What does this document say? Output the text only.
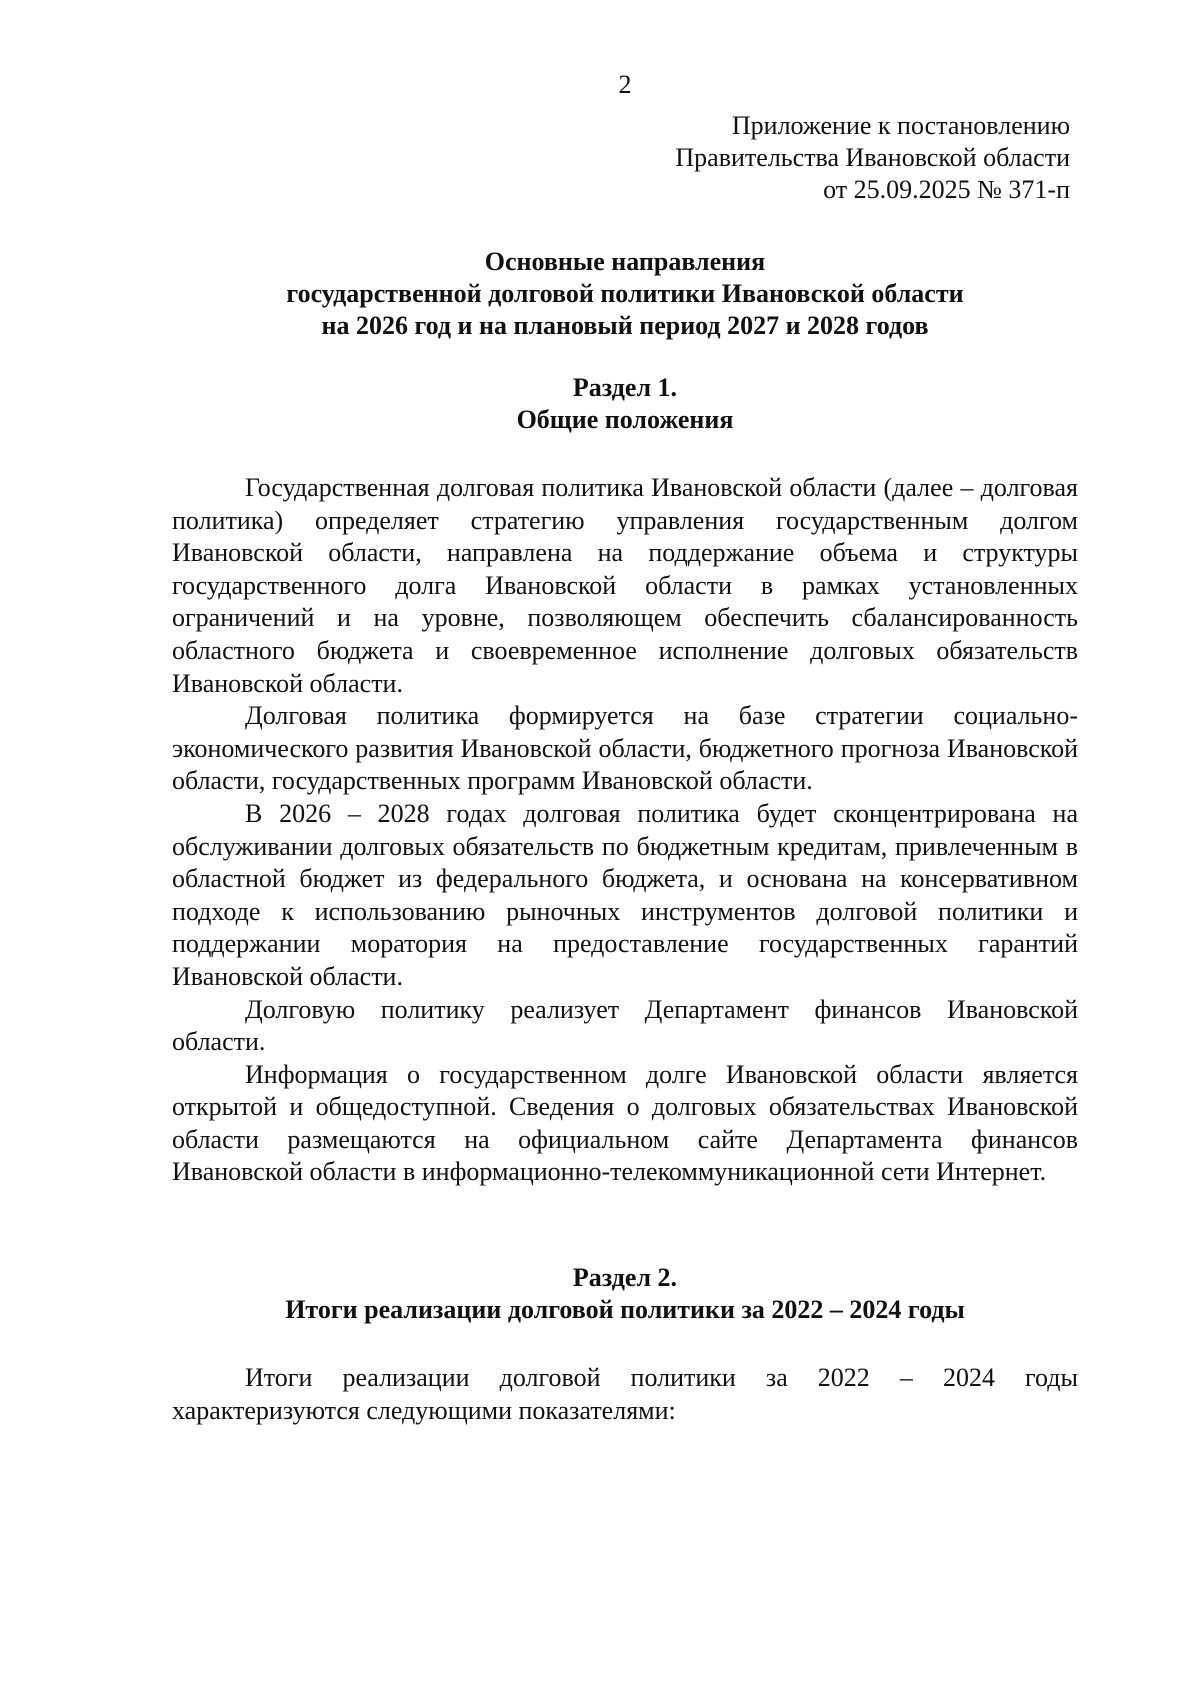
2
Приложение к постановлению
Правительства Ивановской области
от 25.09.2025 № 371-п
Основные направления
государственной долговой политики Ивановской области
на 2026 год и на плановый период 2027 и 2028 годов
Раздел 1.
Общие положения

Государственная долговая политика Ивановской области (далее – долговая политика) определяет стратегию управления государственным долгом Ивановской области, направлена на поддержание объема и структуры государственного долга Ивановской области в рамках установленных ограничений и на уровне, позволяющем обеспечить сбалансированность областного бюджета и своевременное исполнение долговых обязательств Ивановской области.

Долговая политика формируется на базе стратегии социально-экономического развития Ивановской области, бюджетного прогноза Ивановской области, государственных программ Ивановской области.

В 2026 – 2028 годах долговая политика будет сконцентрирована на обслуживании долговых обязательств по бюджетным кредитам, привлеченным в областной бюджет из федерального бюджета, и основана на консервативном подходе к использованию рыночных инструментов долговой политики и поддержании моратория на предоставление государственных гарантий Ивановской области.

Долговую политику реализует Департамент финансов Ивановской области.

Информация о государственном долге Ивановской области является открытой и общедоступной. Сведения о долговых обязательствах Ивановской области размещаются на официальном сайте Департамента финансов Ивановской области в информационно-телекоммуникационной сети Интернет.

Раздел 2.
Итоги реализации долговой политики за 2022 – 2024 годы

Итоги реализации долговой политики за 2022 – 2024 годы характеризуются следующими показателями:
